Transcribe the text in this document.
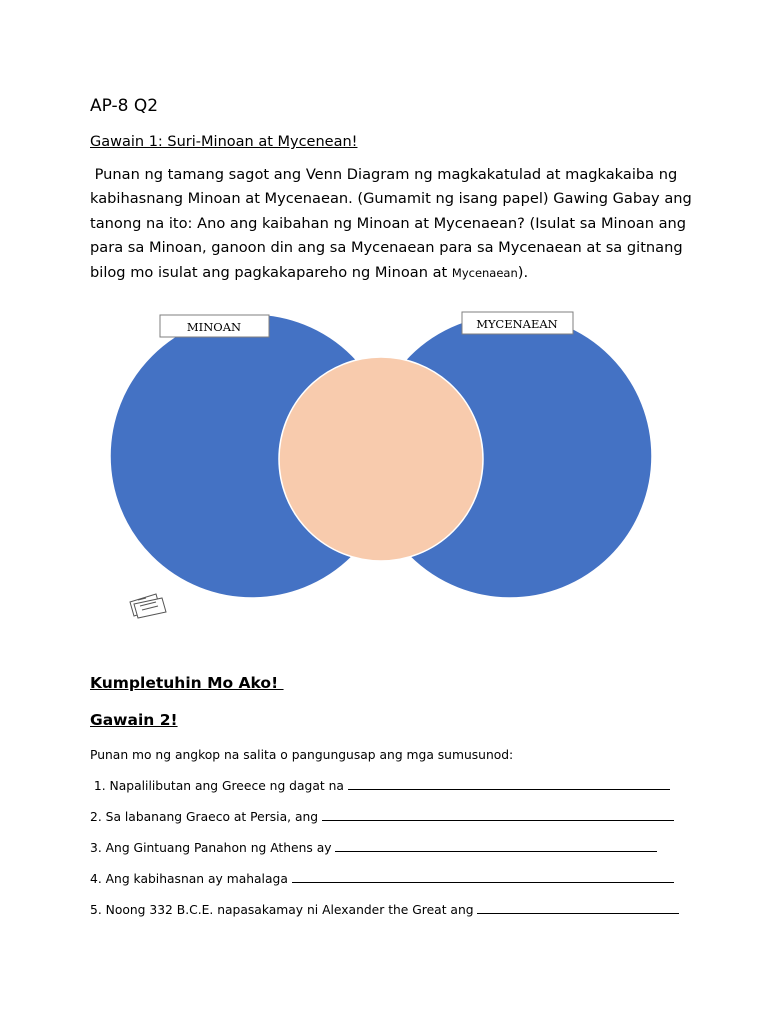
AP-8 Q2
Gawain 1: Suri-Minoan at Mycenean!
Punan ng tamang sagot ang Venn Diagram ng magkakatulad at magkakaiba ng
kabihasnang Minoan at Mycenaean. (Gumamit ng isang papel) Gawing Gabay ang
tanong na ito: Ano ang kaibahan ng Minoan at Mycenaean? (Isulat sa Minoan ang
para sa Minoan, ganoon din ang sa Mycenaean para sa Mycenaean at sa gitnang
bilog mo isulat ang pagkakapareho ng Minoan at Mycenaean).
MINOAN	MYCENAEAN
Kumpletuhin Mo Ako!
Gawain 2!
Punan mo ng angkop na salita o pangungusap ang mga sumusunod:
1. Napalilibutan ang Greece ng dagat na
2. Sa labanang Graeco at Persia, ang
3. Ang Gintuang Panahon ng Athens ay
4. Ang kabihasnan ay mahalaga
5. Noong 332 B.C.E. napasakamay ni Alexander the Great ang
